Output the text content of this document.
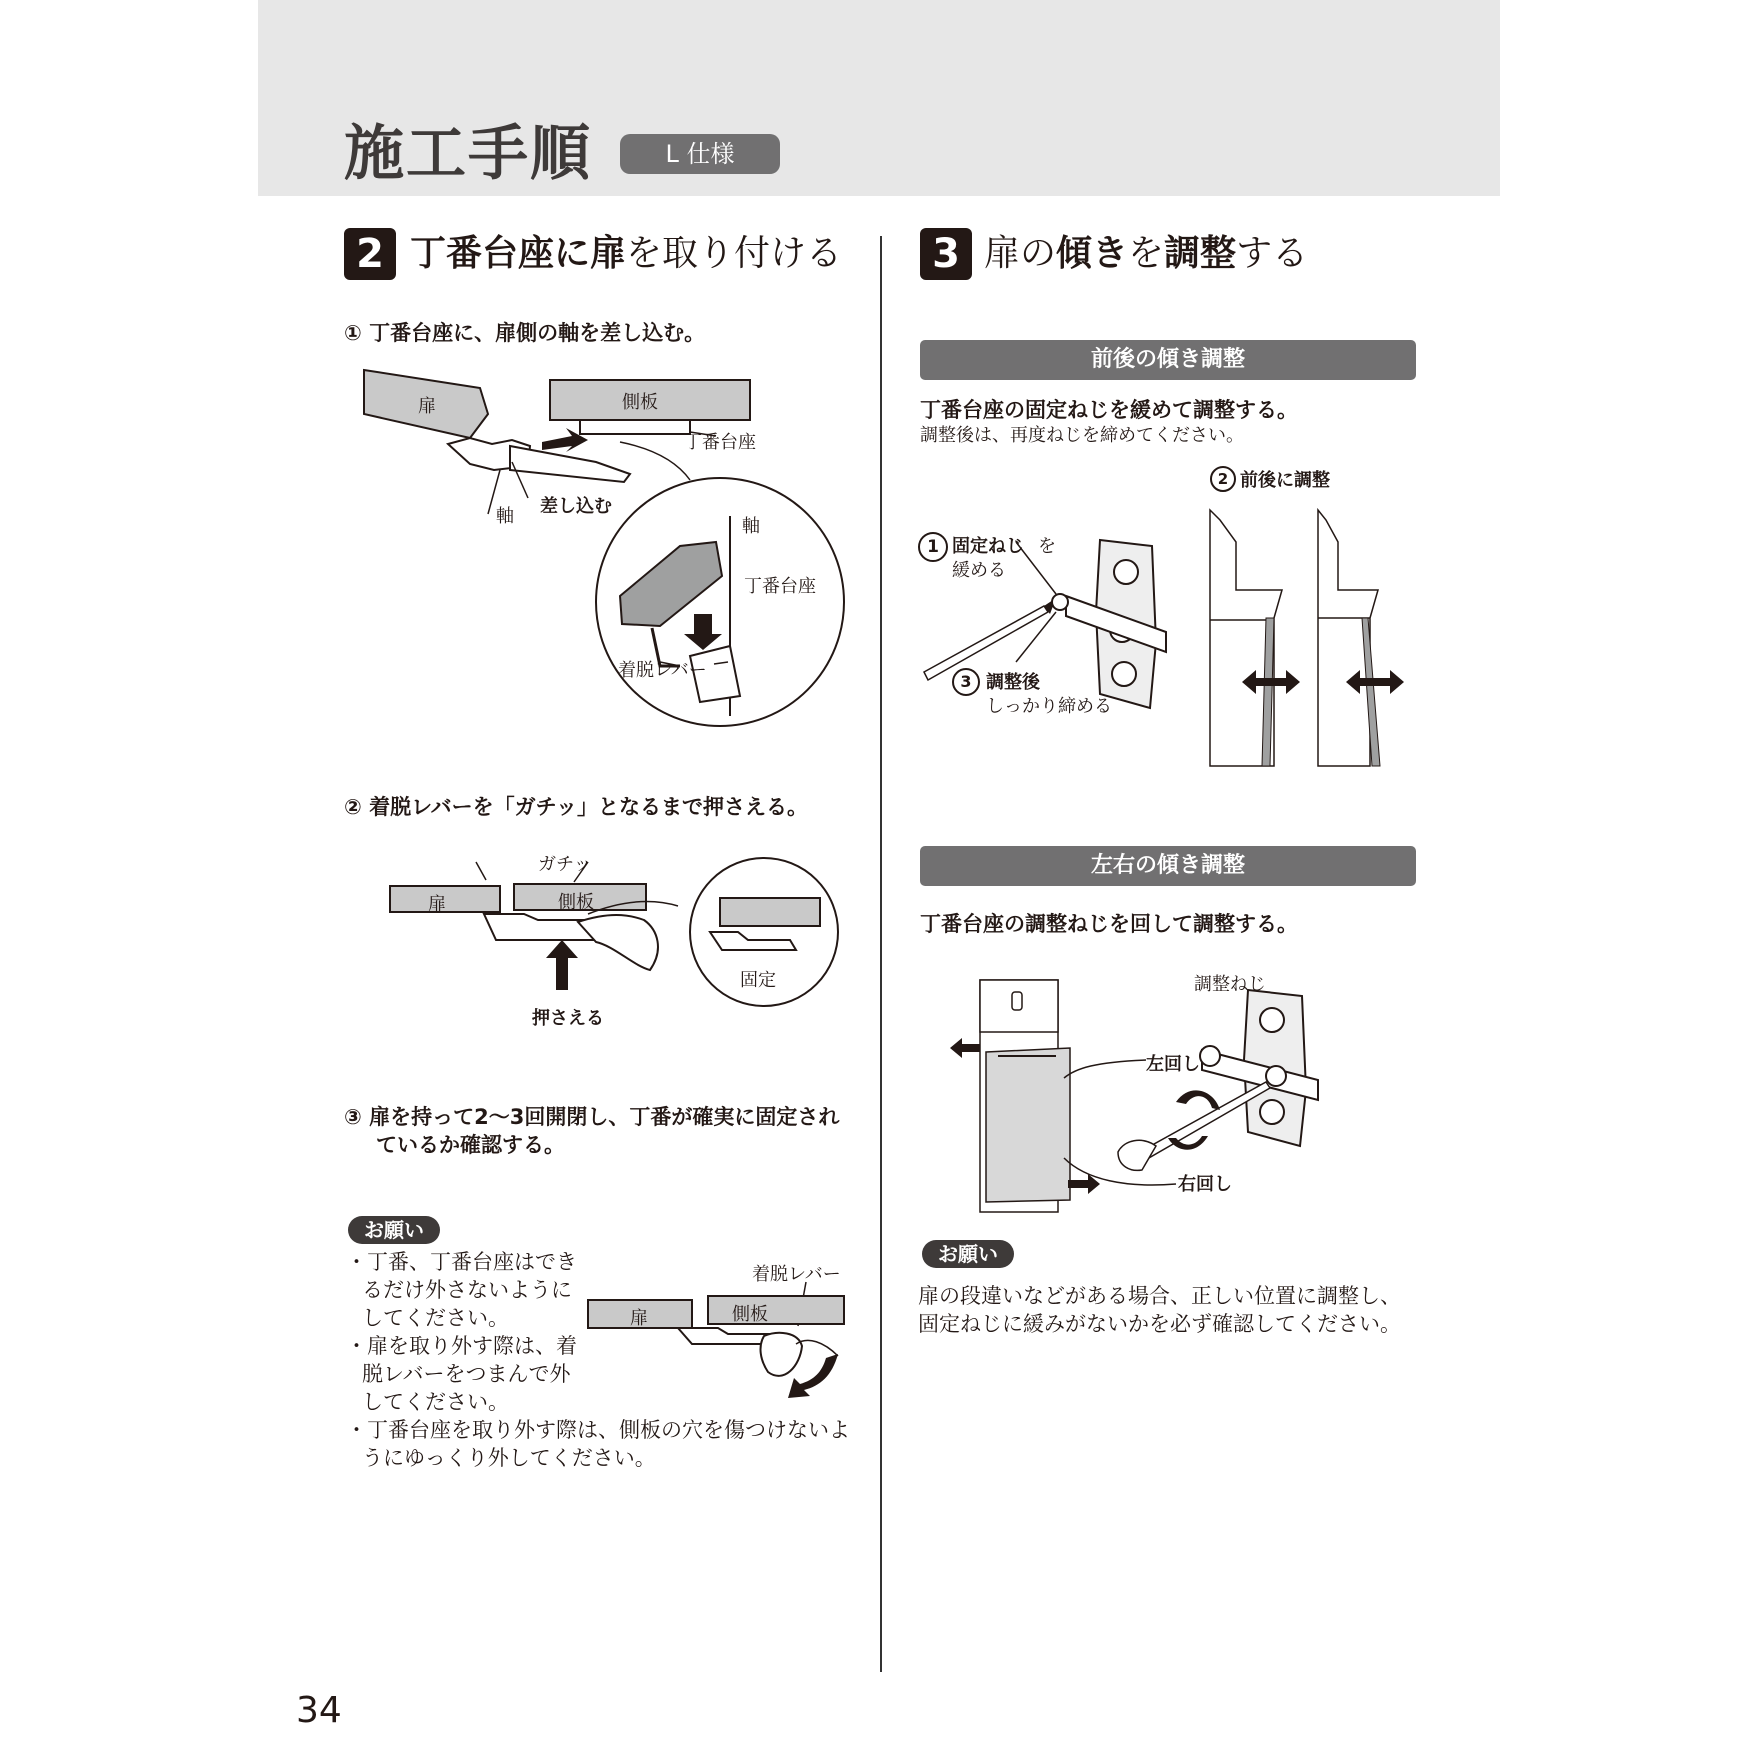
施工手順	L 仕様
2 丁番台座に扉を取り付ける
① 丁番台座に、扉側の軸を差し込む。
扉	側板
丁番台座
軸 差し込む
軸
丁番台座
着脱レバー
② 着脱レバーを「ガチッ」となるまで押さえる。
ガチッ
扉	側板
押さえる
固定
③ 扉を持って2〜3回開閉し、丁番が確実に固定され
ているか確認する。
お願い
・丁番、丁番台座はでき
るだけ外さないように
してください。
・扉を取り外す際は、着
脱レバーをつまんで外
してください。
・丁番台座を取り外す際は、側板の穴を傷つけないよ
うにゆっくり外してください。
着脱レバー
扉	側板
3 扉の傾きを調整する
前後の傾き調整
丁番台座の固定ねじを緩めて調整する。
調整後は、再度ねじを締めてください。
1 固定ねじ を
緩める
2 前後に調整
3 調整後
しっかり締める
左右の傾き調整
丁番台座の調整ねじを回して調整する。
調整ねじ
左回し
右回し
お願い
扉の段違いなどがある場合、正しい位置に調整し、
固定ねじに緩みがないかを必ず確認してください。
34
